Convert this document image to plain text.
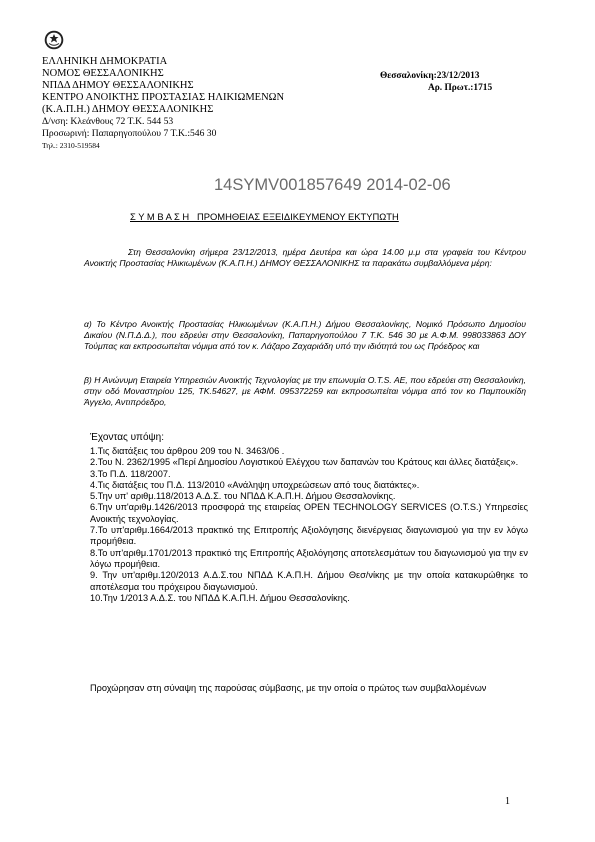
ΕΛΛΗΝΙΚΗ ΔΗΜΟΚΡΑΤΙΑ
ΝΟΜΟΣ ΘΕΣΣΑΛΟΝΙΚΗΣ
ΝΠΔΔ ΔΗΜΟΥ ΘΕΣΣΑΛΟΝΙΚΗΣ
ΚΕΝΤΡΟ ΑΝΟΙΚΤΗΣ ΠΡΟΣΤΑΣΙΑΣ ΗΛΙΚΙΩΜΕΝΩΝ
(Κ.Α.Π.Η.) ΔΗΜΟΥ ΘΕΣΣΑΛΟΝΙΚΗΣ
Δ/νση: Κλεάνθους 72 Τ.Κ. 544 53
Προσωρινή: Παπαρηγοπούλου 7 Τ.Κ.:546 30
Τηλ.: 2310-519584
Θεσσαλονίκη:23/12/2013
Αρ. Πρωτ.:1715
14SYMV001857649 2014-02-06
Σ Υ Μ Β Α Σ Η   ΠΡΟΜΗΘΕΙΑΣ ΕΞΕΙΔΙΚΕΥΜΕΝΟΥ ΕΚΤΥΠΩΤΗ
Στη Θεσσαλονίκη σήμερα 23/12/2013, ημέρα Δευτέρα και ώρα 14.00 μ.μ στα γραφεία του Κέντρου Ανοικτής Προστασίας Ηλικιωμένων (Κ.Α.Π.Η.) ΔΗΜΟΥ ΘΕΣΣΑΛΟΝΙΚΗΣ τα παρακάτω συμβαλλόμενα μέρη:
α) Το Κέντρο Ανοικτής Προστασίας Ηλικιωμένων (Κ.Α.Π.Η.) Δήμου Θεσσαλονίκης, Νομικό Πρόσωπο Δημοσίου Δικαίου (Ν.Π.Δ.Δ.), που εδρεύει στην Θεσσαλονίκη, Παπαρηγοπούλου 7 Τ.Κ. 546 30 με Α.Φ.Μ. 998033863 ΔΟΥ Τούμπας και εκπροσωπείται νόμιμα από τον κ. Λάζαρο Ζαχαριάδη υπό την ιδιότητά του ως Πρόεδρος και
β) Η Ανώνυμη Εταιρεία Υπηρεσιών Ανοικτής Τεχνολογίας με την επωνυμία O.T.S. AE, που εδρεύει στη Θεσσαλονίκη, στην οδό Μοναστηρίου 125, ΤΚ.54627, με ΑΦΜ. 095372259 και εκπροσωπείται νόμιμα από τον κο Παμπουκίδη Άγγελο, Αντιπρόεδρο,
Έχοντας υπόψη:
1.Τις διατάξεις του άρθρου 209 του Ν. 3463/06 .
2.Του Ν. 2362/1995 «Περί Δημοσίου Λογιστικού Ελέγχου των δαπανών του Κράτους και άλλες διατάξεις».
3.Το Π.Δ. 118/2007.
4.Τις διατάξεις του Π.Δ. 113/2010 «Ανάληψη υποχρεώσεων από τους διατάκτες».
5.Την υπ' αριθμ.118/2013 Α.Δ.Σ. του ΝΠΔΔ Κ.Α.Π.Η. Δήμου Θεσσαλονίκης.
6.Την υπ'αριθμ.1426/2013 προσφορά της εταιρείας OPEN TECHNOLOGY SERVICES (O.T.S.) Υπηρεσίες Ανοικτής τεχνολογίας.
7.Το υπ'αριθμ.1664/2013 πρακτικό της Επιτροπής Αξιολόγησης διενέργειας διαγωνισμού για την εν λόγω προμήθεια.
8.Το υπ'αριθμ.1701/2013 πρακτικό της Επιτροπής Αξιολόγησης αποτελεσμάτων του διαγωνισμού για την εν λόγω προμήθεια.
9. Την υπ'αριθμ.120/2013 Α.Δ.Σ.του ΝΠΔΔ Κ.Α.Π.Η. Δήμου Θεσ/νίκης με την οποία κατακυρώθηκε το αποτέλεσμα του πρόχειρου διαγωνισμού.
10.Την 1/2013 Α.Δ.Σ. του ΝΠΔΔ Κ.Α.Π.Η. Δήμου Θεσσαλονίκης.
Προχώρησαν στη σύναψη της παρούσας σύμβασης, με την οποία ο πρώτος των συμβαλλομένων
1
